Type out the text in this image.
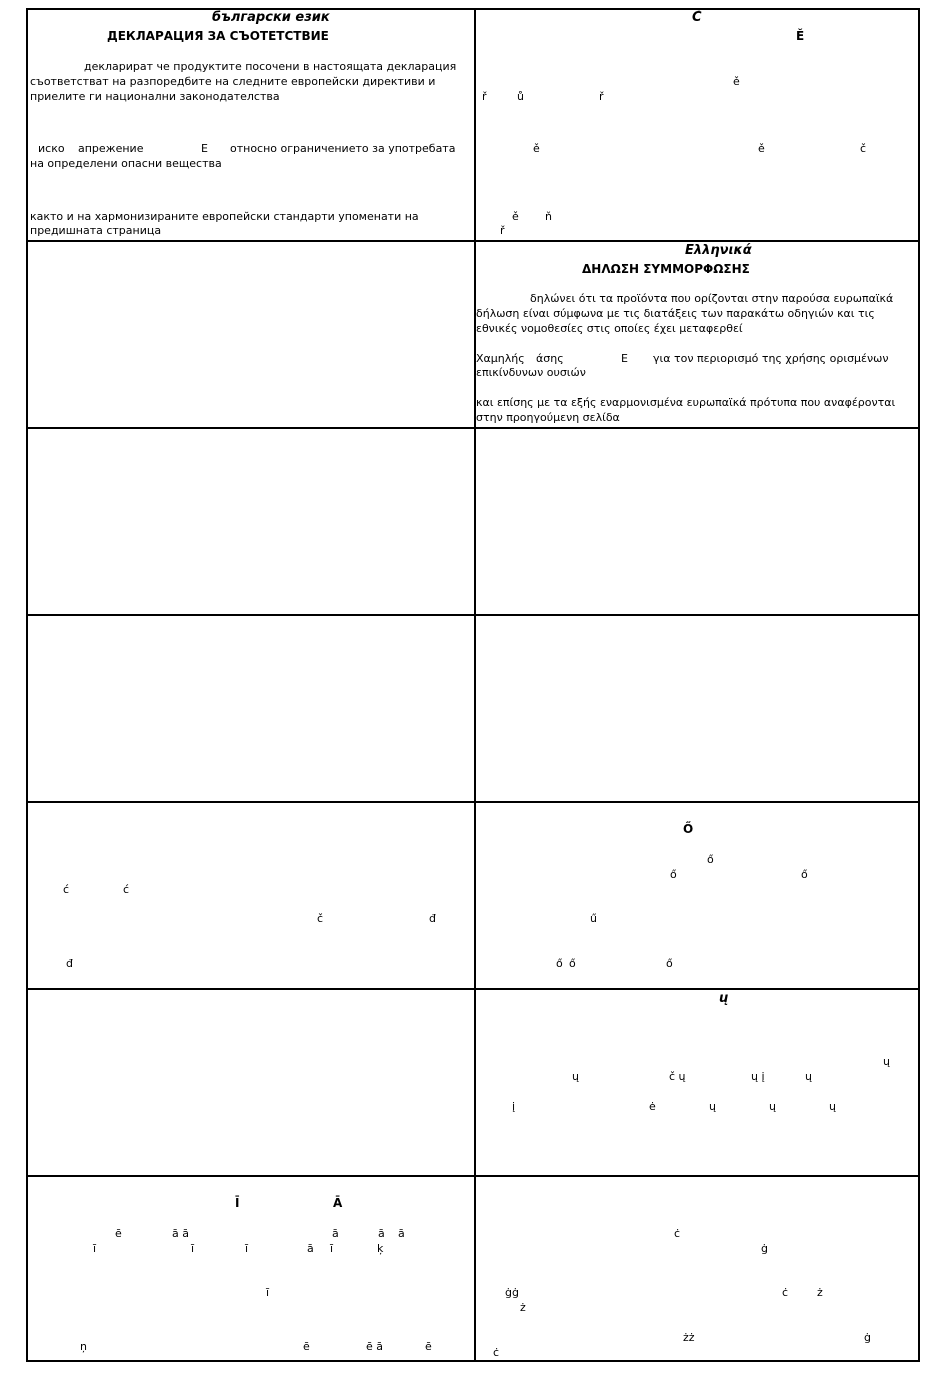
български език
ДЕКЛАРАЦИЯ ЗА СЪОТЕТСТВИЕ
декларират че продуктите посочени в настоящата декларация
съответстват на разпоредбите на следните европейски директиви и
приелите ги национални законодателства
иско апрежение	Е относно ограничението за употребата
на определени опасни вещества
както и на хармонизираните европейски стандарти упоменати на
предишната страница
Č
Ě
ě
ř	ů	ř
ě	ě	č
ě ň
ř
Ελληνικά
ΔΗΛΩΣΗ ΣΥΜΜΟΡΦΩΣΗΣ
δηλώνει ότι τα προϊόντα που ορίζονται στην παρούσα ευρωπαϊκά
δήλωση είναι σύμφωνα με τις διατάξεις των παρακάτω οδηγιών και τις
εθνικές νομοθεσίες στις οποίες έχει μεταφερθεί
Χαμηλής άσης	Ε για τον περιορισμό της χρήσης ορισμένων
επικίνδυνων ουσιών
και επίσης με τα εξής εναρμονισμένα ευρωπαϊκά πρότυπα που αναφέρονται
στην προηγούμενη σελίδα
ć	ć
č	đ
đ
Ő
ő
ő	ő
ű
ő ő	ő
ų
ų
ų	č ų	ų į	ų
į	ė	ų	ų	ų
Ī	Ā
ē	ā ā	ā	ā ā
ī	ī	ī	ā ī	ķ
ī
ņ	ē	ē ā	ē
ċ
ġ
ġġ
ż
ċ	ż
żż	ġ
ċ
